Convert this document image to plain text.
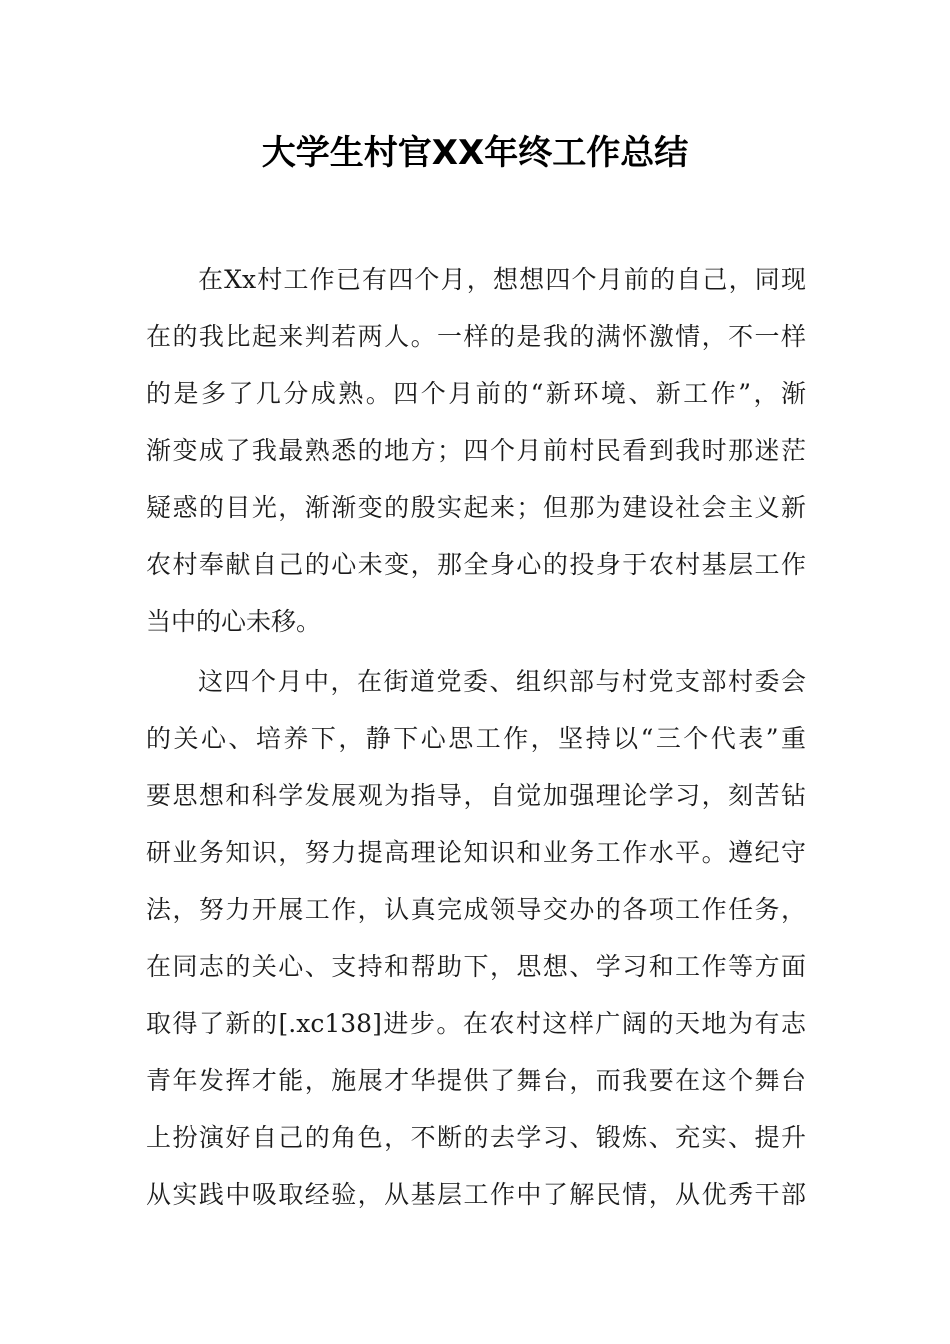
大学生村官XX年终工作总结
在Xx村工作已有四个月，想想四个月前的自己，同现
在的我比起来判若两人。一样的是我的满怀激情，不一样
的是多了几分成熟。四个月前的“新环境、新工作”，渐
渐变成了我最熟悉的地方；四个月前村民看到我时那迷茫
疑惑的目光，渐渐变的殷实起来；但那为建设社会主义新
农村奉献自己的心未变，那全身心的投身于农村基层工作
当中的心未移。
这四个月中，在街道党委、组织部与村党支部村委会
的关心、培养下，静下心思工作，坚持以“三个代表”重
要思想和科学发展观为指导，自觉加强理论学习，刻苦钻
研业务知识，努力提高理论知识和业务工作水平。遵纪守
法，努力开展工作，认真完成领导交办的各项工作任务，
在同志的关心、支持和帮助下，思想、学习和工作等方面
取得了新的[.xc138]进步。在农村这样广阔的天地为有志
青年发挥才能，施展才华提供了舞台，而我要在这个舞台
上扮演好自己的角色，不断的去学习、锻炼、充实、提升
从实践中吸取经验，从基层工作中了解民情，从优秀干部
